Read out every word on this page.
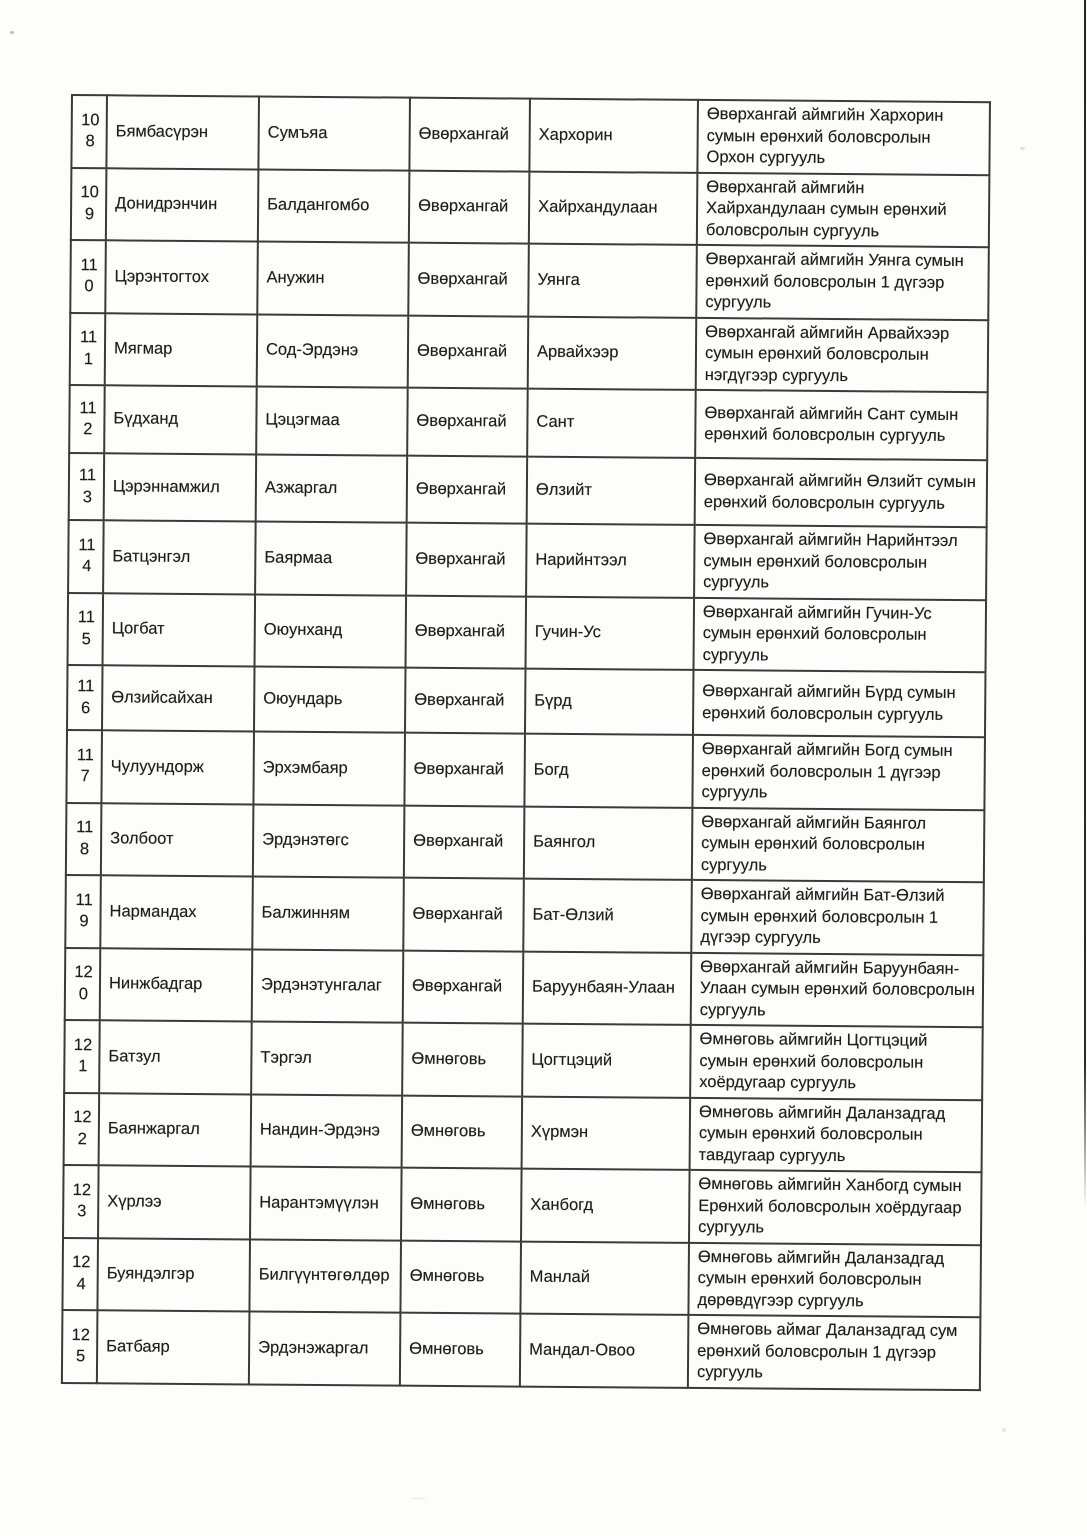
108	Бямбасүрэн	Сумъяа	Өвөрхангай	Хархорин	Өвөрхангай аймгийн Хархорин сумын ерөнхий боловсролын Орхон сургууль
109	Донидрэнчин	Балдангомбо	Өвөрхангай	Хайрхандулаан	Өвөрхангай аймгийн Хайрхандулаан сумын ерөнхий боловсролын сургууль
110	Цэрэнтогтох	Анужин	Өвөрхангай	Уянга	Өвөрхангай аймгийн Уянга сумын ерөнхий боловсролын 1 дүгээр сургууль
111	Мягмар	Сод-Эрдэнэ	Өвөрхангай	Арвайхээр	Өвөрхангай аймгийн Арвайхээр сумын ерөнхий боловсролын нэгдүгээр сургууль
112	Бүдханд	Цэцэгмаа	Өвөрхангай	Сант	Өвөрхангай аймгийн Сант сумын ерөнхий боловсролын сургууль
113	Цэрэннамжил	Азжаргал	Өвөрхангай	Өлзийт	Өвөрхангай аймгийн Өлзийт сумын ерөнхий боловсролын сургууль
114	Батцэнгэл	Баярмаа	Өвөрхангай	Нарийнтээл	Өвөрхангай аймгийн Нарийнтээл сумын ерөнхий боловсролын сургууль
115	Цогбат	Оюунханд	Өвөрхангай	Гучин-Ус	Өвөрхангай аймгийн Гучин-Ус сумын ерөнхий боловсролын сургууль
116	Өлзийсайхан	Оюундарь	Өвөрхангай	Бүрд	Өвөрхангай аймгийн Бүрд сумын ерөнхий боловсролын сургууль
117	Чулуундорж	Эрхэмбаяр	Өвөрхангай	Богд	Өвөрхангай аймгийн Богд сумын ерөнхий боловсролын 1 дүгээр сургууль
118	Золбоот	Эрдэнэтөгс	Өвөрхангай	Баянгол	Өвөрхангай аймгийн Баянгол сумын ерөнхий боловсролын сургууль
119	Нармандах	Балжинням	Өвөрхангай	Бат-Өлзий	Өвөрхангай аймгийн Бат-Өлзий сумын ерөнхий боловсролын 1 дүгээр сургууль
120	Нинжбадгар	Эрдэнэтунгалаг	Өвөрхангай	Баруунбаян-Улаан	Өвөрхангай аймгийн Баруунбаян-Улаан сумын ерөнхий боловсролын сургууль
121	Батзул	Тэргэл	Өмнөговь	Цогтцэций	Өмнөговь аймгийн Цогтцэций сумын ерөнхий боловсролын хоёрдугаар сургууль
122	Баянжаргал	Нандин-Эрдэнэ	Өмнөговь	Хүрмэн	Өмнөговь аймгийн Даланзадгад сумын ерөнхий боловсролын тавдугаар сургууль
123	Хүрлээ	Нарантэмүүлэн	Өмнөговь	Ханбогд	Өмнөговь аймгийн Ханбогд сумын Ерөнхий боловсролын хоёрдугаар сургууль
124	Буяндэлгэр	Билгүүнтөгөлдөр	Өмнөговь	Манлай	Өмнөговь аймгийн Даланзадгад сумын ерөнхий боловсролын дөрөвдүгээр сургууль
125	Батбаяр	Эрдэнэжаргал	Өмнөговь	Мандал-Овоо	Өмнөговь аймаг Даланзадгад сум ерөнхий боловсролын 1 дүгээр сургууль
